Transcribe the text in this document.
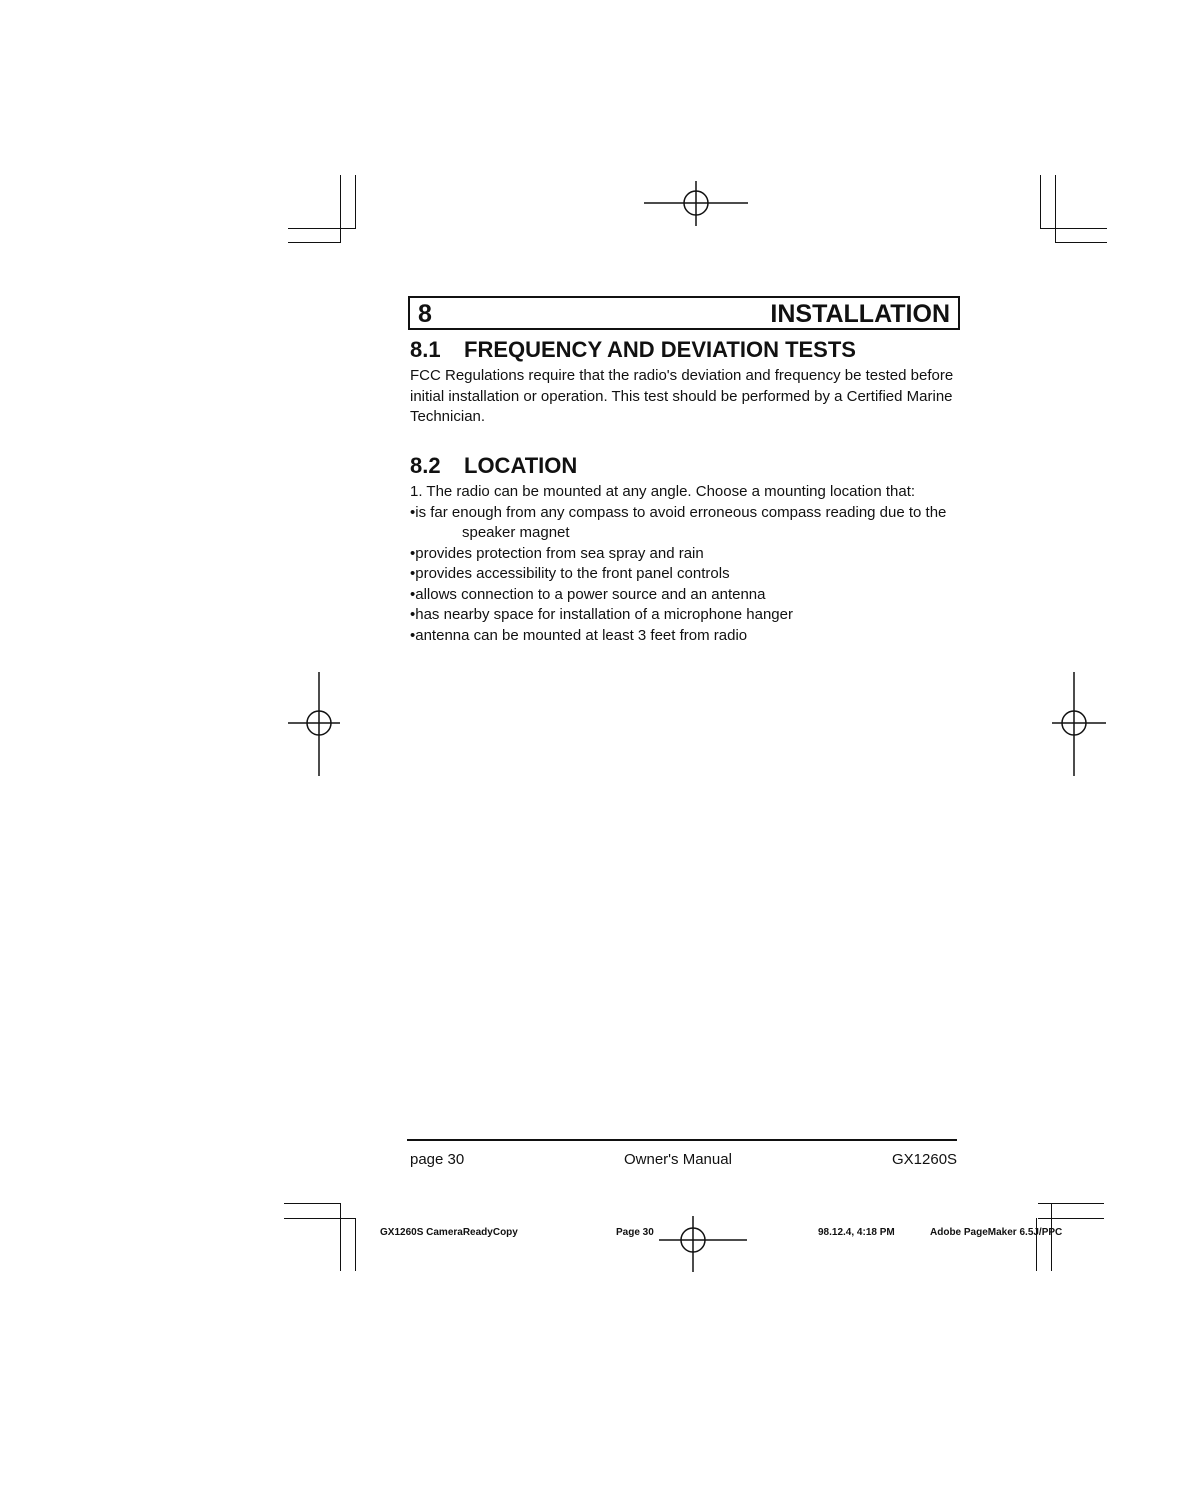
8	INSTALLATION
8.1 FREQUENCY AND DEVIATION TESTS

FCC Regulations require that the radio's deviation and frequency be tested before initial installation or operation. This test should be performed by a Certified Marine Technician.

8.2 LOCATION
1. The radio can be mounted at any angle. Choose a mounting location that:
•is far enough from any compass to avoid erroneous compass reading due to the speaker magnet
•provides protection from sea spray and rain
•provides accessibility to the front panel controls
•allows connection to a power source and an antenna
•has nearby space for installation of a microphone hanger
•antenna can be mounted at least 3 feet from radio
page 30	Owner's Manual	GX1260S
GX1260S CameraReadyCopy	Page 30	98.12.4, 4:18 PM	Adobe PageMaker 6.5J/PPC
